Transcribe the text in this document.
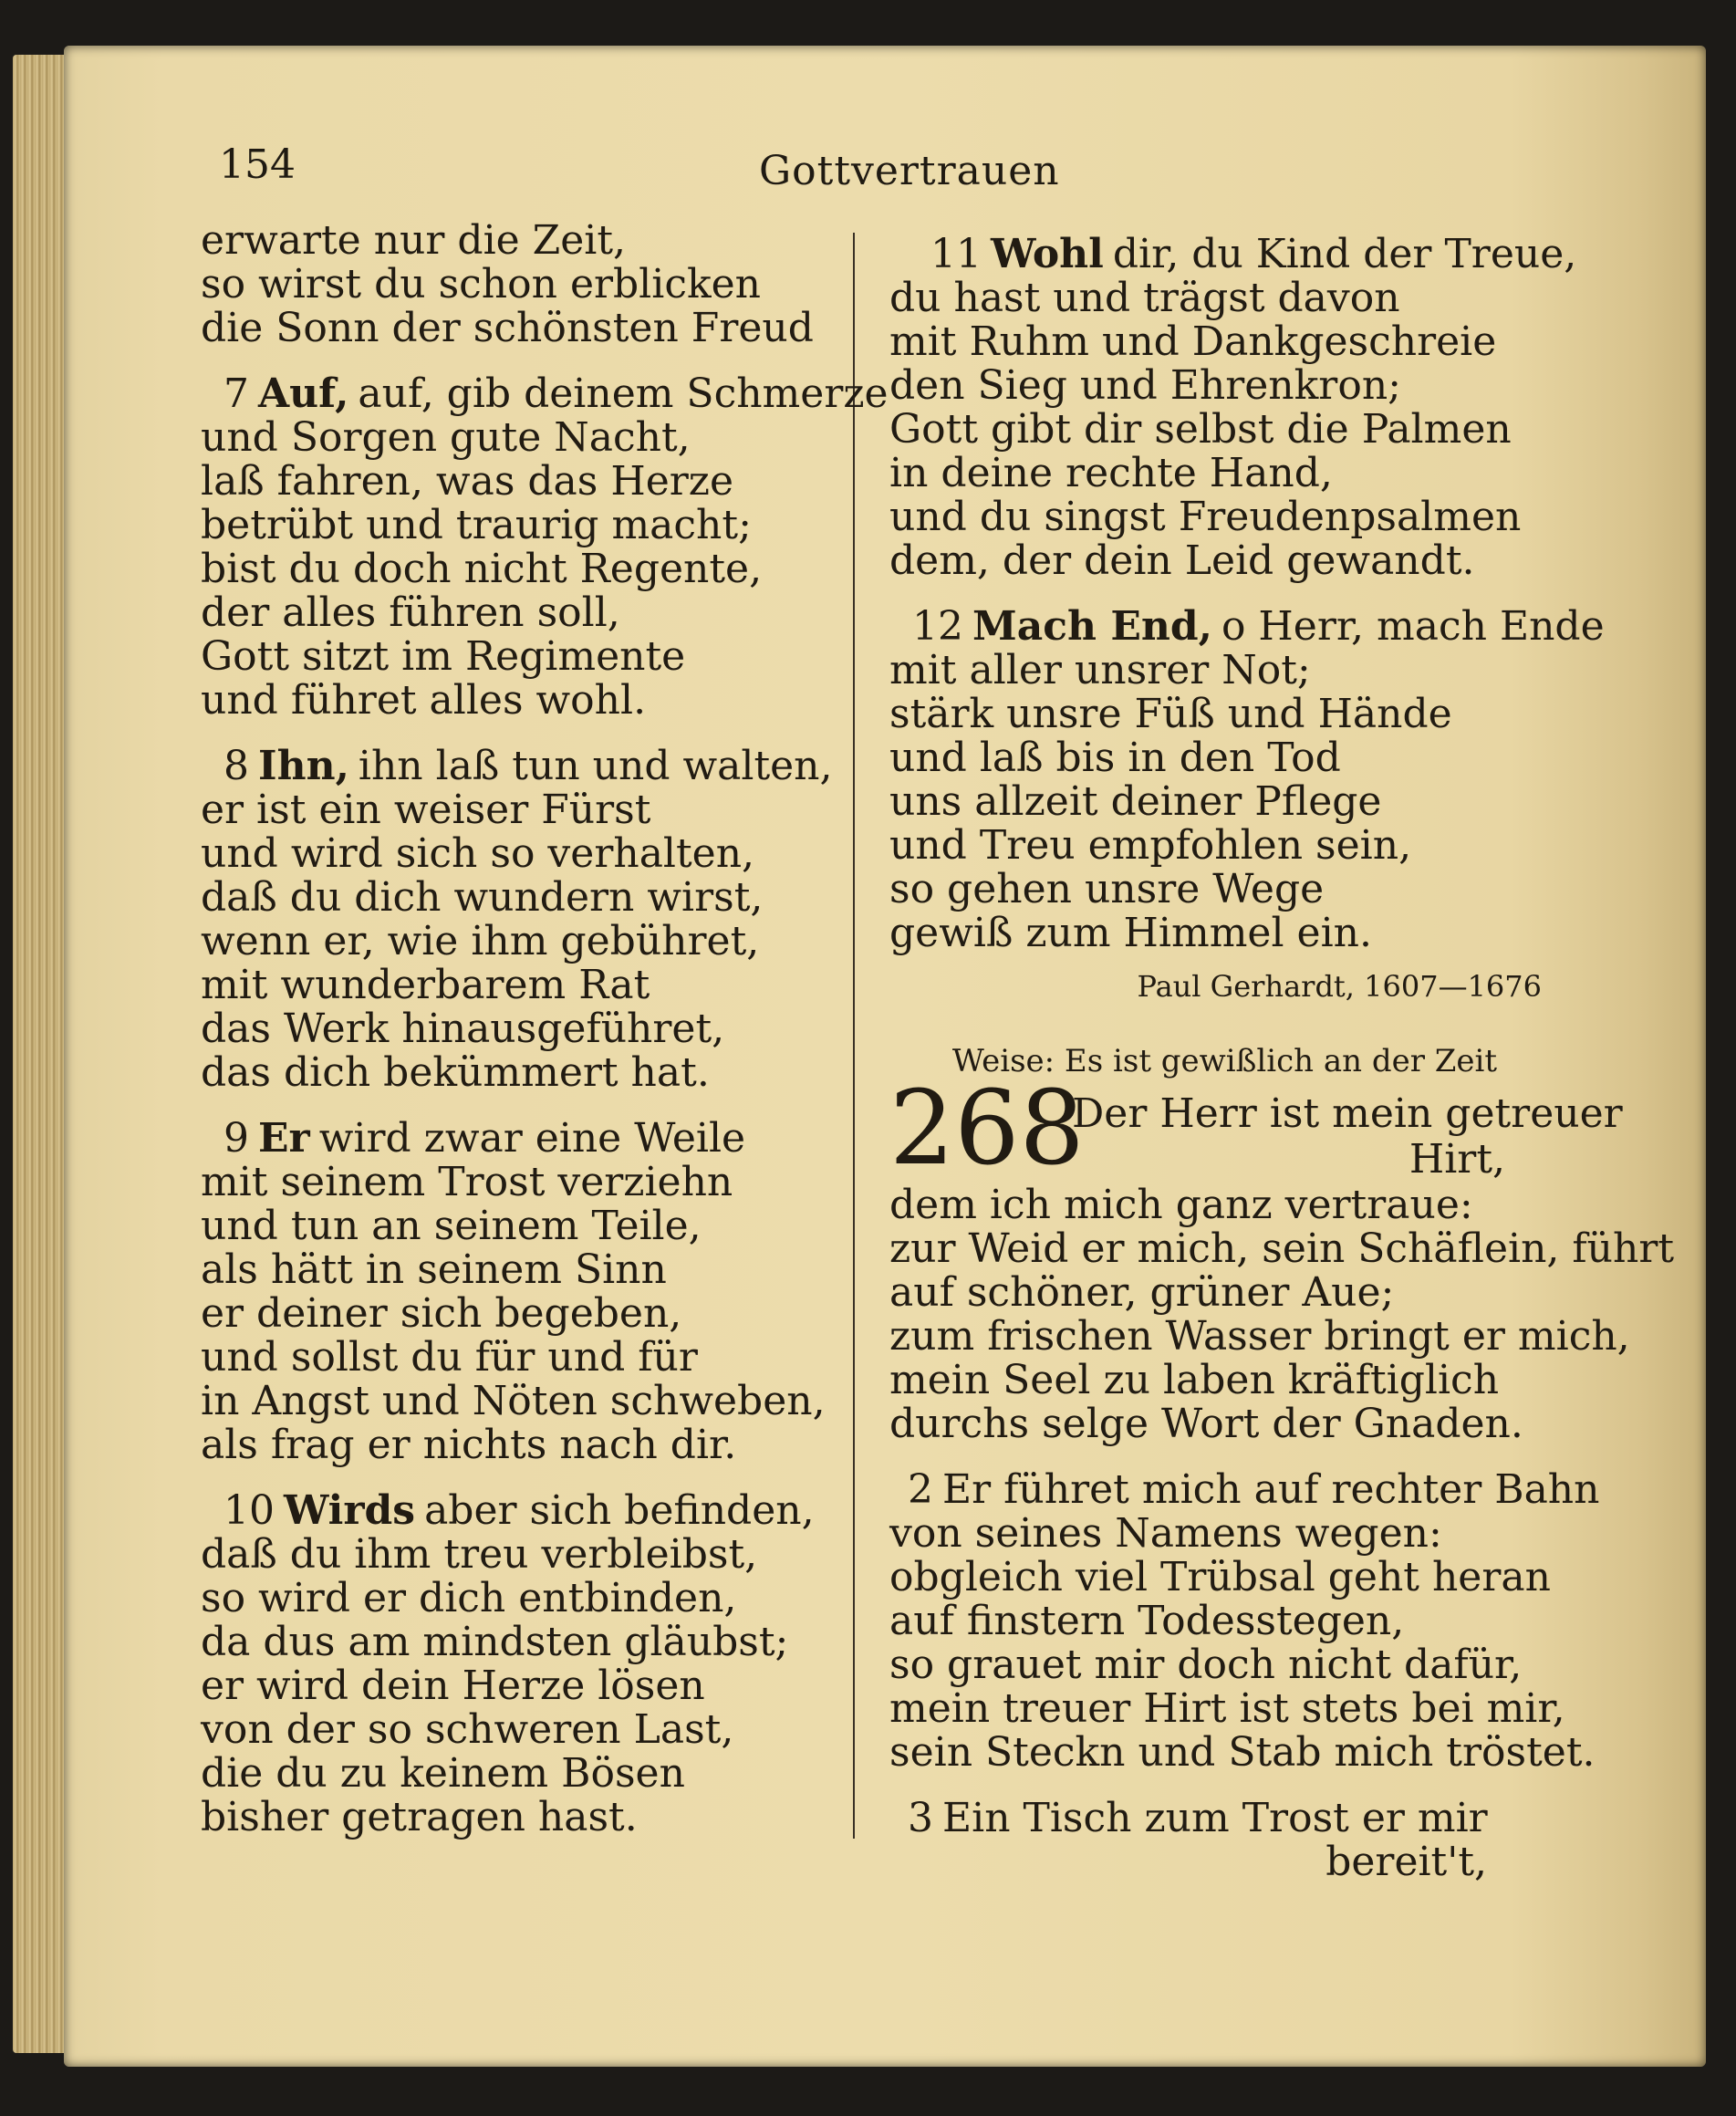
154	Gottvertrauen
erwarte nur die Zeit,
so wirst du schon erblicken
die Sonn der schönsten Freud
7 Auf, auf, gib deinem Schmerze
und Sorgen gute Nacht,
laß fahren, was das Herze
betrübt und traurig macht;
bist du doch nicht Regente,
der alles führen soll,
Gott sitzt im Regimente
und führet alles wohl.
8 Ihn, ihn laß tun und walten,
er ist ein weiser Fürst
und wird sich so verhalten,
daß du dich wundern wirst,
wenn er, wie ihm gebühret,
mit wunderbarem Rat
das Werk hinausgeführet,
das dich bekümmert hat.
9 Er wird zwar eine Weile
mit seinem Trost verziehn
und tun an seinem Teile,
als hätt in seinem Sinn
er deiner sich begeben,
und sollst du für und für
in Angst und Nöten schweben,
als frag er nichts nach dir.
10 Wirds aber sich befinden,
daß du ihm treu verbleibst,
so wird er dich entbinden,
da dus am mindsten gläubst;
er wird dein Herze lösen
von der so schweren Last,
die du zu keinem Bösen
bisher getragen hast.
11 Wohl dir, du Kind der Treue,
du hast und trägst davon
mit Ruhm und Dankgeschreie
den Sieg und Ehrenkron;
Gott gibt dir selbst die Palmen
in deine rechte Hand,
und du singst Freudenpsalmen
dem, der dein Leid gewandt.
12 Mach End, o Herr, mach Ende
mit aller unsrer Not;
stärk unsre Füß und Hände
und laß bis in den Tod
uns allzeit deiner Pflege
und Treu empfohlen sein,
so gehen unsre Wege
gewiß zum Himmel ein.
Paul Gerhardt, 1607—1676
Weise: Es ist gewißlich an der Zeit
268
Der Herr ist mein getreuer
Hirt,
dem ich mich ganz vertraue:
zur Weid er mich, sein Schäflein, führt
auf schöner, grüner Aue;
zum frischen Wasser bringt er mich,
mein Seel zu laben kräftiglich
durchs selge Wort der Gnaden.
2 Er führet mich auf rechter Bahn
von seines Namens wegen:
obgleich viel Trübsal geht heran
auf finstern Todesstegen,
so grauet mir doch nicht dafür,
mein treuer Hirt ist stets bei mir,
sein Steckn und Stab mich tröstet.
3 Ein Tisch zum Trost er mir
bereit't,
